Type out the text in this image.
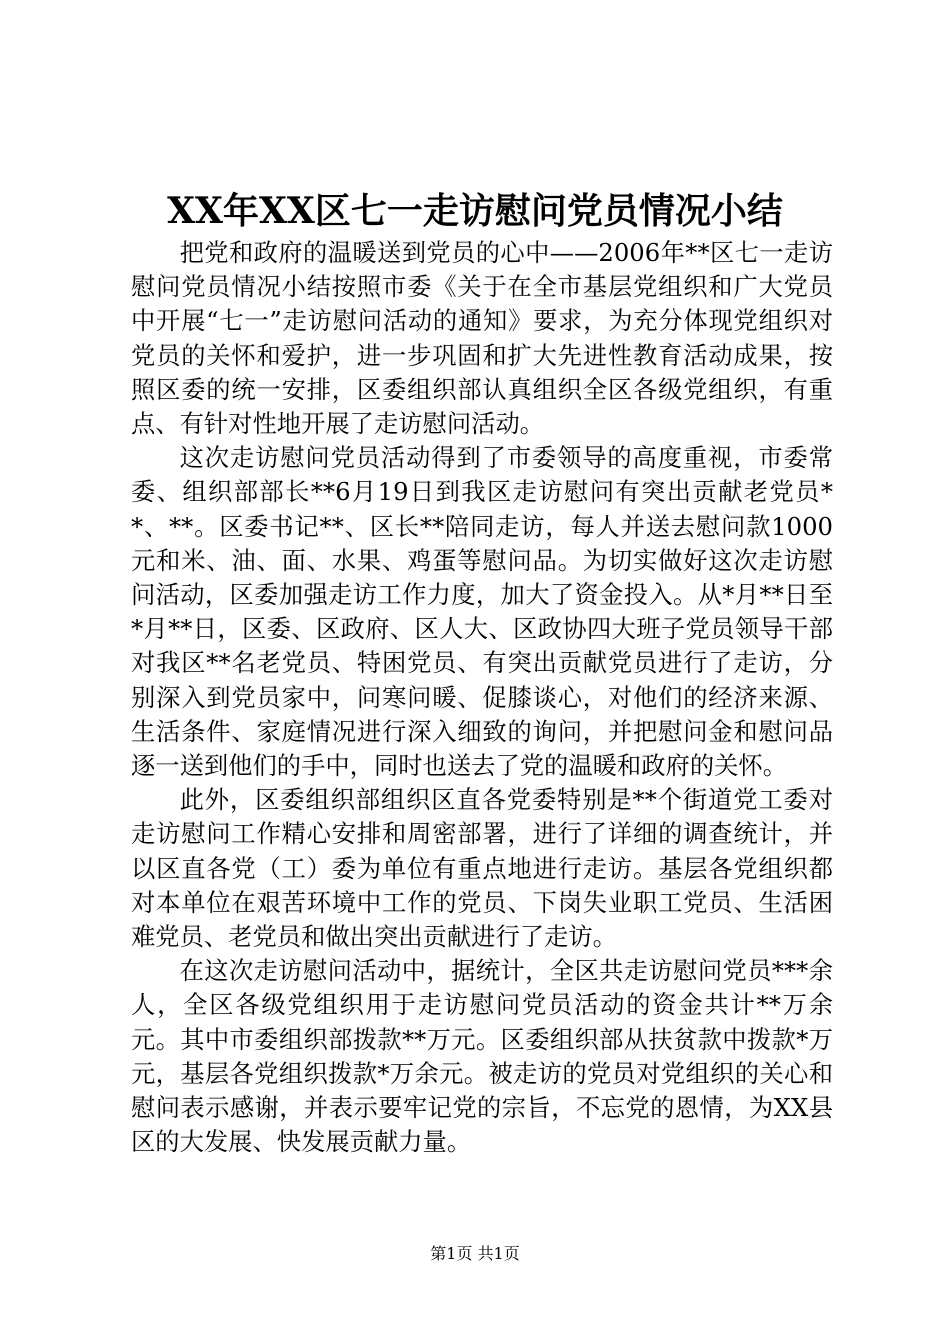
XX年XX区七一走访慰问党员情况小结

把党和政府的温暖送到党员的心中——2006年**区七一走访慰问党员情况小结按照市委《关于在全市基层党组织和广大党员中开展“七一”走访慰问活动的通知》要求，为充分体现党组织对党员的关怀和爱护，进一步巩固和扩大先进性教育活动成果，按照区委的统一安排，区委组织部认真组织全区各级党组织，有重点、有针对性地开展了走访慰问活动。

这次走访慰问党员活动得到了市委领导的高度重视，市委常委、组织部部长**6月19日到我区走访慰问有突出贡献老党员**、**。区委书记**、区长**陪同走访，每人并送去慰问款1000元和米、油、面、水果、鸡蛋等慰问品。为切实做好这次走访慰问活动，区委加强走访工作力度，加大了资金投入。从*月**日至*月**日，区委、区政府、区人大、区政协四大班子党员领导干部对我区**名老党员、特困党员、有突出贡献党员进行了走访，分别深入到党员家中，问寒问暖、促膝谈心，对他们的经济来源、生活条件、家庭情况进行深入细致的询问，并把慰问金和慰问品逐一送到他们的手中，同时也送去了党的温暖和政府的关怀。

此外，区委组织部组织区直各党委特别是**个街道党工委对走访慰问工作精心安排和周密部署，进行了详细的调查统计，并以区直各党（工）委为单位有重点地进行走访。基层各党组织都对本单位在艰苦环境中工作的党员、下岗失业职工党员、生活困难党员、老党员和做出突出贡献进行了走访。

在这次走访慰问活动中，据统计，全区共走访慰问党员***余人，全区各级党组织用于走访慰问党员活动的资金共计**万余元。其中市委组织部拨款**万元。区委组织部从扶贫款中拨款*万元，基层各党组织拨款*万余元。被走访的党员对党组织的关心和慰问表示感谢，并表示要牢记党的宗旨，不忘党的恩情，为XX县区的大发展、快发展贡献力量。

第1页 共1页
